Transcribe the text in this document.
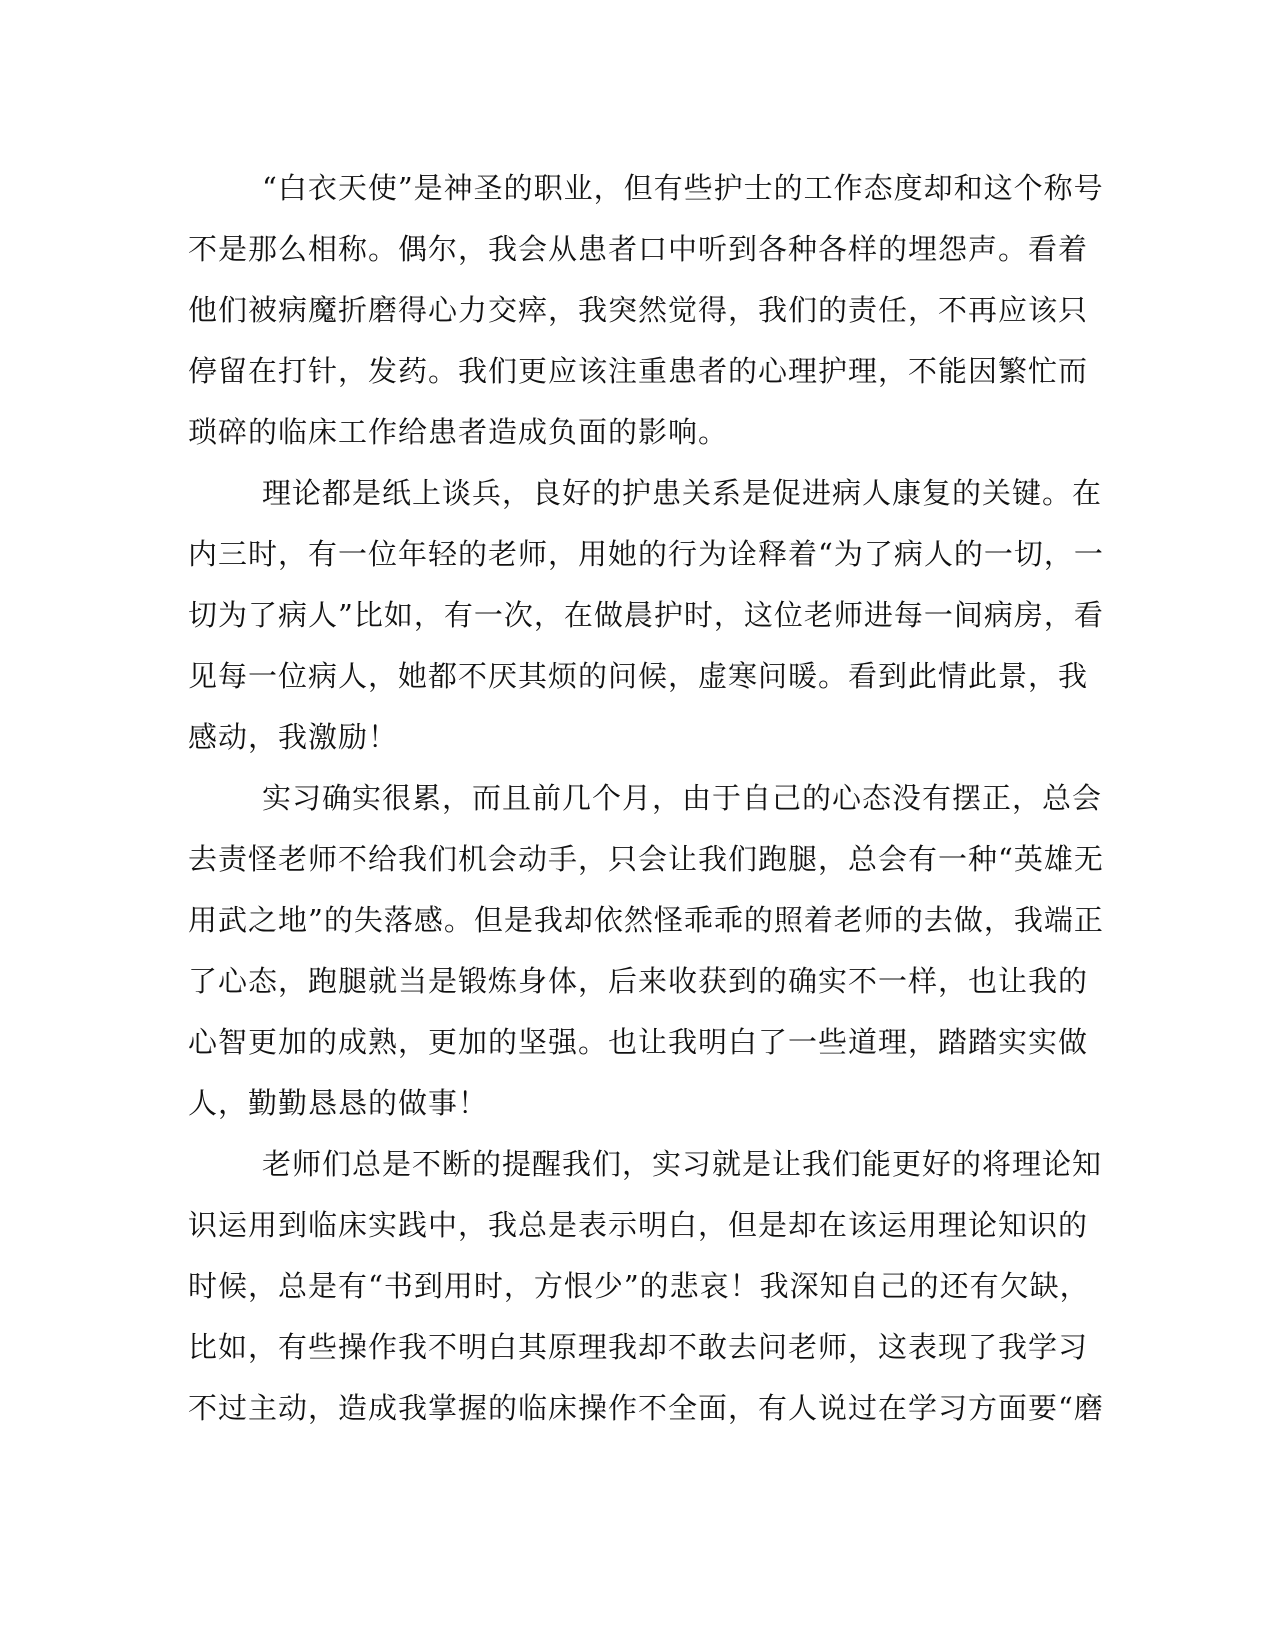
“白衣天使”是神圣的职业，但有些护士的工作态度却和这个称号
不是那么相称。偶尔，我会从患者口中听到各种各样的埋怨声。看着
他们被病魔折磨得心力交瘁，我突然觉得，我们的责任，不再应该只
停留在打针，发药。我们更应该注重患者的心理护理，不能因繁忙而
琐碎的临床工作给患者造成负面的影响。
理论都是纸上谈兵，良好的护患关系是促进病人康复的关键。在
内三时，有一位年轻的老师，用她的行为诠释着“为了病人的一切，一
切为了病人”比如，有一次，在做晨护时，这位老师进每一间病房，看
见每一位病人，她都不厌其烦的问候，虚寒问暖。看到此情此景，我
感动，我激励！
实习确实很累，而且前几个月，由于自己的心态没有摆正，总会
去责怪老师不给我们机会动手，只会让我们跑腿，总会有一种“英雄无
用武之地”的失落感。但是我却依然怪乖乖的照着老师的去做，我端正
了心态，跑腿就当是锻炼身体，后来收获到的确实不一样，也让我的
心智更加的成熟，更加的坚强。也让我明白了一些道理，踏踏实实做
人，勤勤恳恳的做事！
老师们总是不断的提醒我们，实习就是让我们能更好的将理论知
识运用到临床实践中，我总是表示明白，但是却在该运用理论知识的
时候，总是有“书到用时，方恨少”的悲哀！我深知自己的还有欠缺，
比如，有些操作我不明白其原理我却不敢去问老师，这表现了我学习
不过主动，造成我掌握的临床操作不全面，有人说过在学习方面要“磨
